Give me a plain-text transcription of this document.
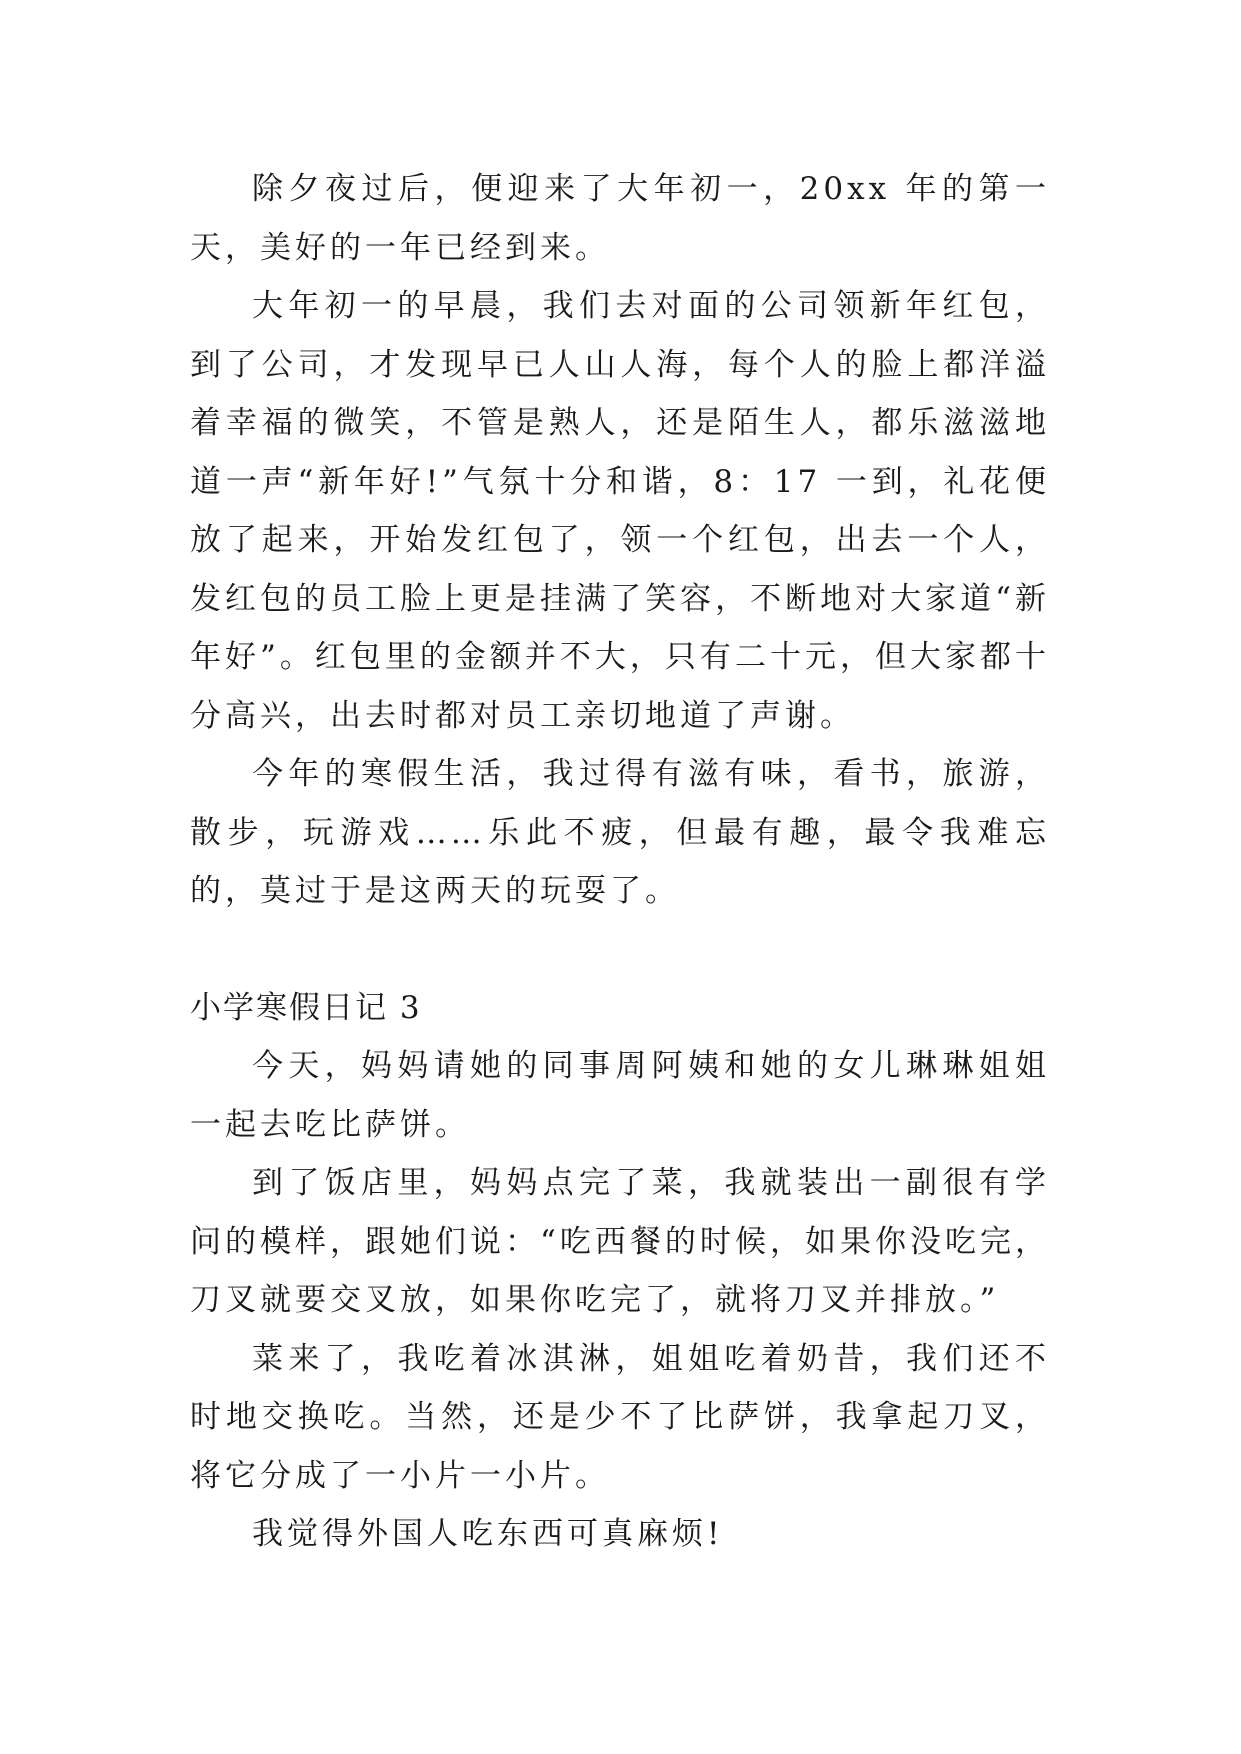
除夕夜过后，便迎来了大年初一，20xx 年的第一天，美好的一年已经到来。

大年初一的早晨，我们去对面的公司领新年红包，到了公司，才发现早已人山人海，每个人的脸上都洋溢着幸福的微笑，不管是熟人，还是陌生人，都乐滋滋地道一声“新年好!”气氛十分和谐，8：17 一到，礼花便放了起来，开始发红包了，领一个红包，出去一个人，发红包的员工脸上更是挂满了笑容，不断地对大家道“新年好”。红包里的金额并不大，只有二十元，但大家都十分高兴，出去时都对员工亲切地道了声谢。

今年的寒假生活，我过得有滋有味，看书，旅游，散步，玩游戏……乐此不疲，但最有趣，最令我难忘的，莫过于是这两天的玩耍了。

小学寒假日记 3

今天，妈妈请她的同事周阿姨和她的女儿琳琳姐姐一起去吃比萨饼。

到了饭店里，妈妈点完了菜，我就装出一副很有学问的模样，跟她们说：“吃西餐的时候，如果你没吃完，刀叉就要交叉放，如果你吃完了，就将刀叉并排放。”

菜来了，我吃着冰淇淋，姐姐吃着奶昔，我们还不时地交换吃。当然，还是少不了比萨饼，我拿起刀叉，将它分成了一小片一小片。

我觉得外国人吃东西可真麻烦!
